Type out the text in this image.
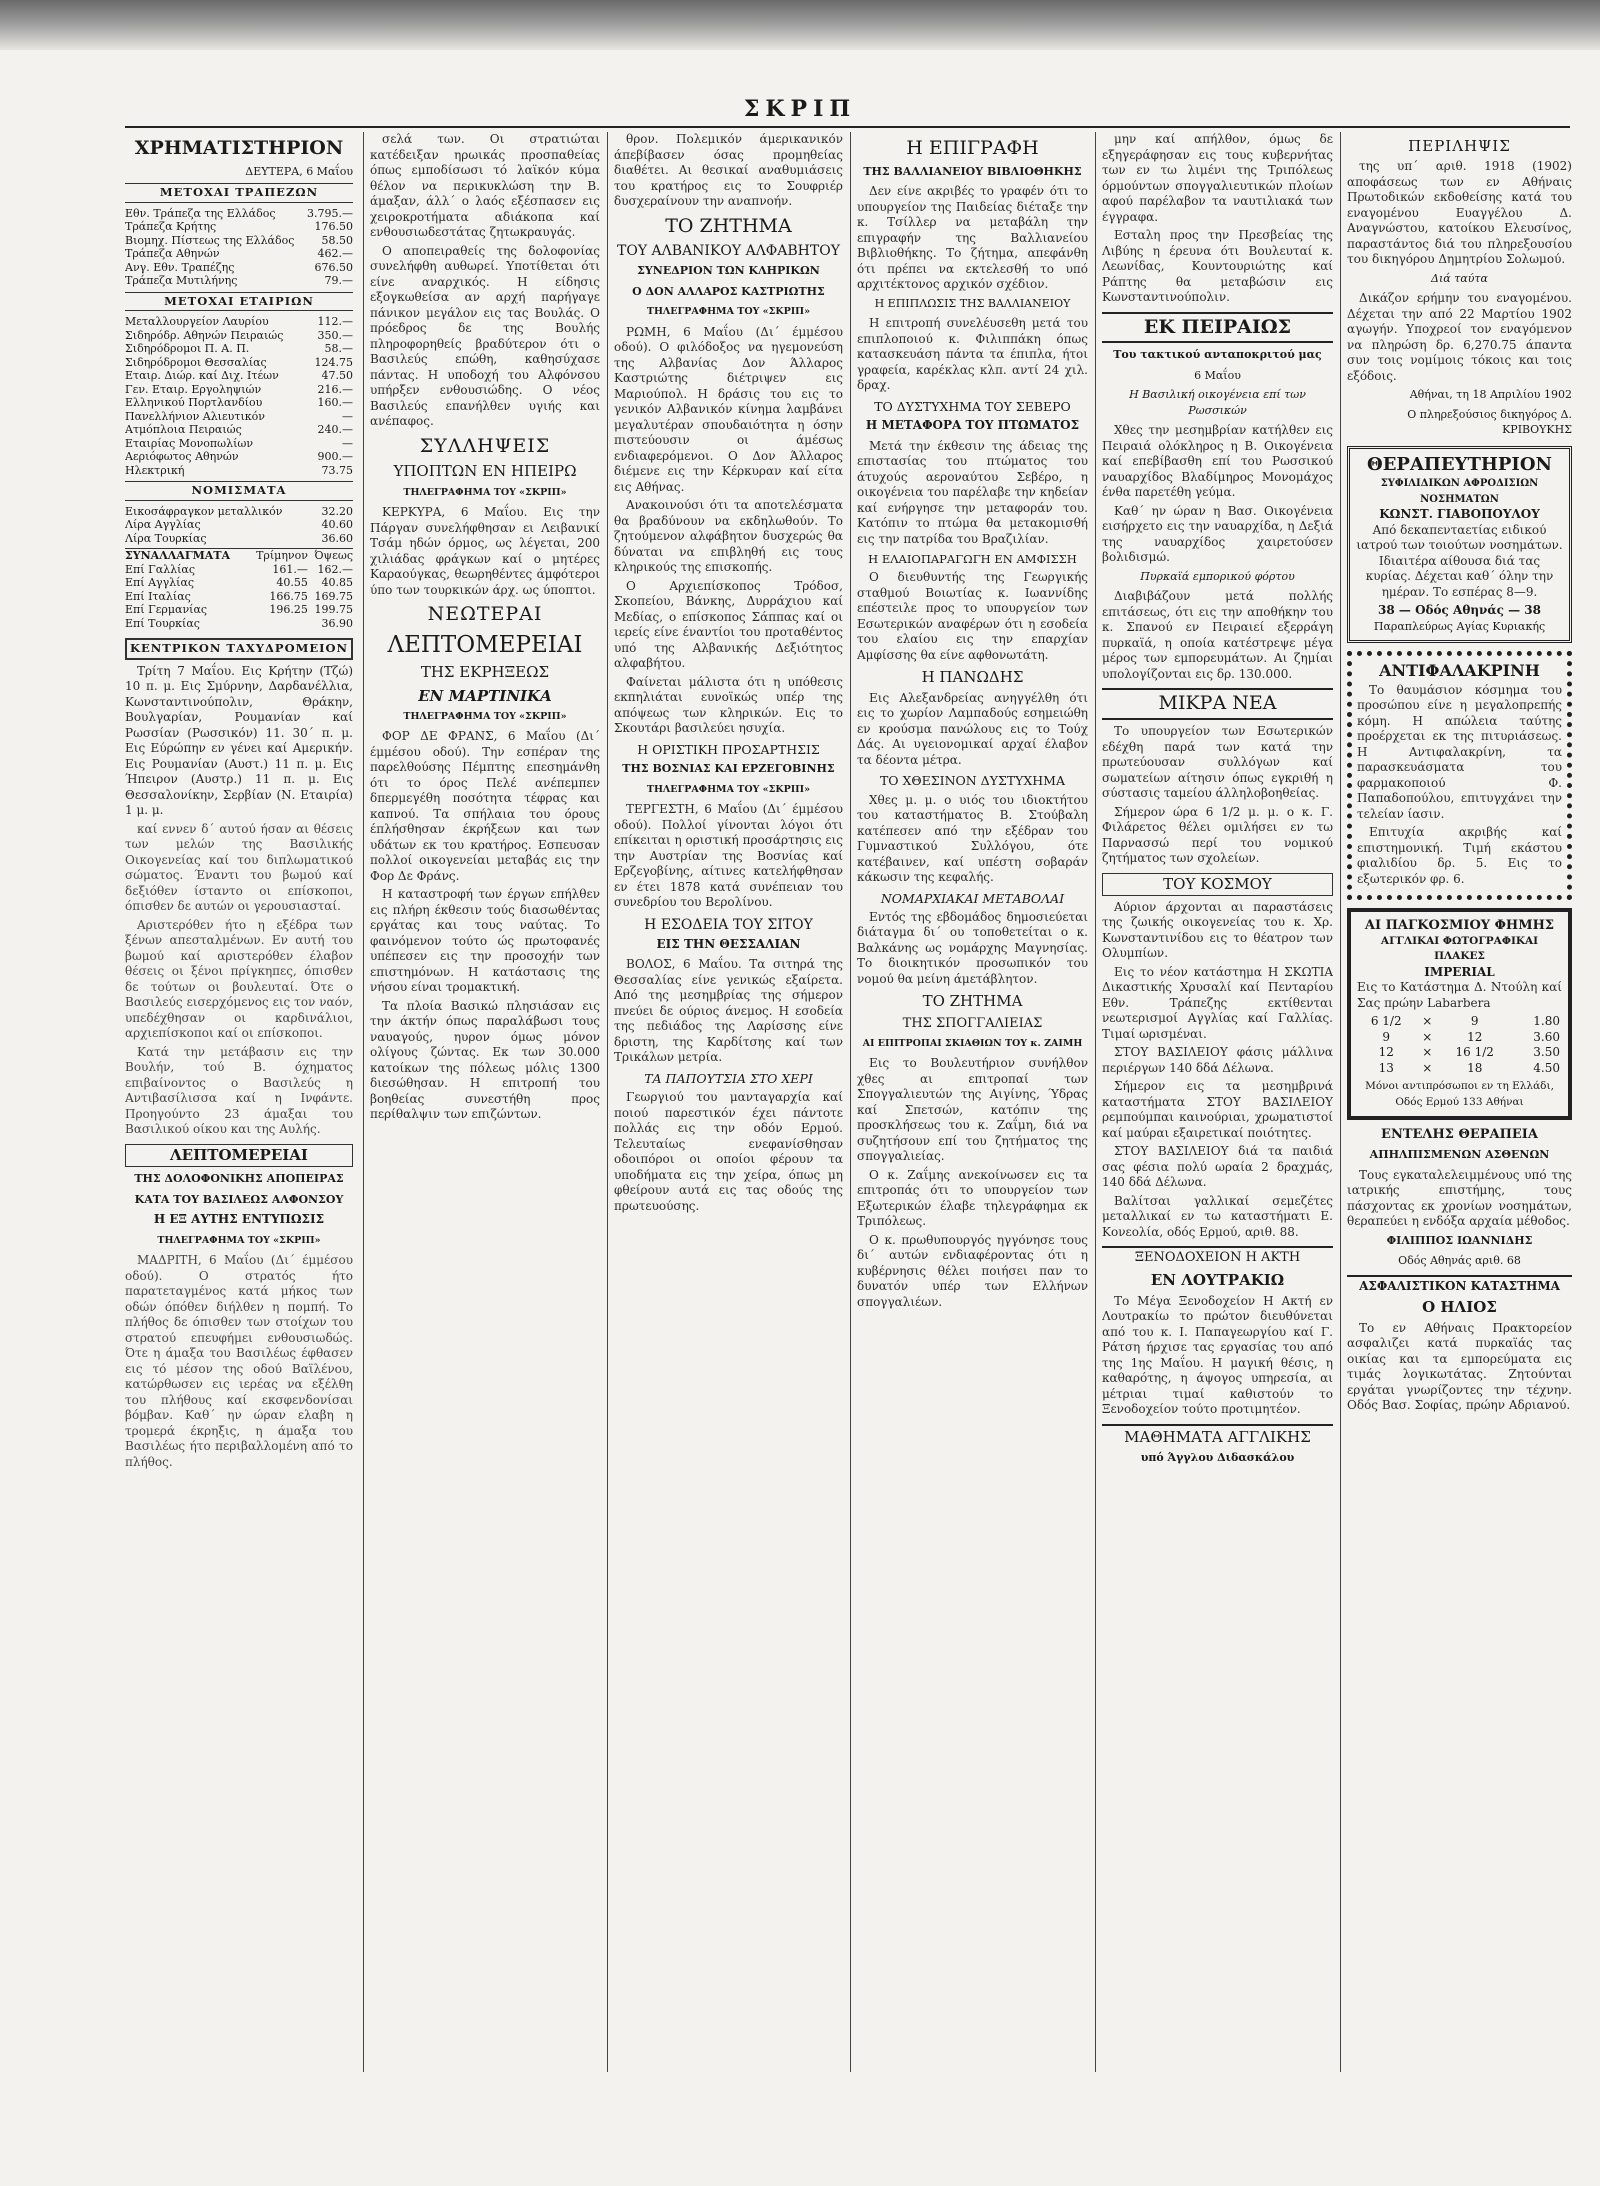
ΣΚΡΙΠ
ΧΡΗΜΑΤΙΣΤΗΡΙΟΝ
ΔΕΥΤΕΡΑ, 6 Μαΐου
ΜΕΤΟΧΑΙ ΤΡΑΠΕΖΩΝ
Εθν. Τράπεζα της Ελλάδος	3.795.—
Τράπεζα Κρήτης	176.50
Βιομηχ. Πίστεως της Ελλάδος	58.50
Τράπεζα Αθηνών	462.—
Ανγ. Εθν. Τραπέζης	676.50
Τράπεζα Μυτιλήνης	79.—
ΜΕΤΟΧΑΙ ΕΤΑΙΡΙΩΝ
Μεταλλουργείον Λαυρίου	112.—
Σιδηρόδρ. Αθηνών Πειραιώς	350.—
Σιδηρόδρομοι Π. Α. Π.	58.—
Σιδηρόδρομοι Θεσσαλίας	124.75
Εταιρ. Διώρ. καί Διχ. Ιτέων	47.50
Γεν. Εταιρ. Εργοληψιών	216.—
Ελληνικού Πορτλανδίου	160.—
Πανελλήνιον Αλιευτικόν	—
Ατμόπλοια Πειραιώς	240.—
Εταιρίας Μονοπωλίων	—
Αεριόφωτος Αθηνών	900.—
Ηλεκτρική	73.75
ΝΟΜΙΣΜΑΤΑ
Εικοσάφραγκον μεταλλικόν	32.20
Λίρα Αγγλίας	40.60
Λίρα Τουρκίας	36.60
ΣΥΝΑΛΛΑΓΜΑΤΑ	Τρίμηνον	Όψεως
Επί Γαλλίας	161.—	162.—
Επί Αγγλίας	40.55	40.85
Επί Ιταλίας	166.75	169.75
Επί Γερμανίας	196.25	199.75
Επί Τουρκίας		36.90
ΚΕΝΤΡΙΚΟΝ ΤΑΧΥΔΡΟΜΕΙΟΝ

Τρίτη 7 Μαΐου. Εις Κρήτην (Τζώ) 10 π. μ. Εις Σμύρνην, Δαρδανέλλια, Κωνσταντινούπολιν, Θράκην, Βουλγαρίαν, Ρουμανίαν καί Ρωσσίαν (Ρωσσικόν) 11. 30΄ π. μ. Εις Εύρώπην εν γένει καί Αμερικήν. Εις Ρουμανίαν (Αυστ.) 11 π. μ. Εις Ήπειρον (Αυστρ.) 11 π. μ. Εις Θεσσαλονίκην, Σερβίαν (Ν. Εταιρία) 1 μ. μ.

καί εννεν δ΄ αυτού ήσαν αι θέσεις των μελών της Βασιλικής Οικογενείας καί του διπλωματικού σώματος. Έναντι του βωμού καί δεξιόθεν ίσταντο οι επίσκοποι, όπισθεν δε αυτών οι γερουσιασταί.

Αριστερόθεν ήτο η εξέδρα των ξένων απεσταλμένων. Εν αυτή του βωμού καί αριστερόθεν έλαβον θέσεις οι ξένοι πρίγκηπες, όπισθεν δε τούτων οι βουλευταί. Ότε ο Βασιλεύς εισερχόμενος εις τον ναόν, υπεδέχθησαν οι καρδινάλιοι, αρχιεπίσκοποι καί οι επίσκοποι.

Κατά την μετάβασιν εις την Βουλήν, τού Β. όχηματος επιβαίνοντος ο Βασιλεύς η Αντιβασίλισσα καί η Ινφάντε. Προηγούντο 23 άμαξαι του Βασιλικού οίκου και της Αυλής.

ΛΕΠΤΟΜΕΡΕΙΑΙ
ΤΗΣ ΔΟΛΟΦΟΝΙΚΗΣ ΑΠΟΠΕΙΡΑΣ
ΚΑΤΑ ΤΟΥ ΒΑΣΙΛΕΩΣ ΑΛΦΟΝΣΟΥ
Η ΕΞ ΑΥΤΗΣ ΕΝΤΥΠΩΣΙΣ
ΤΗΛΕΓΡΑΦΗΜΑ ΤΟΥ «ΣΚΡΙΠ»

ΜΑΔΡΙΤΗ, 6 Μαΐου (Δι΄ έμμέσου οδού). Ο στρατός ήτο παρατεταγμένος κατά μήκος των οδών όπόθεν διήλθεν η πομπή. Το πλήθος δε όπισθεν των στοίχων του στρατού επευφήμει ενθουσιωδώς. Ότε η άμαξα του Βασιλέως έφθασεν εις τό μέσον της οδού Βαϊλένου, κατώρθωσεν εις ιερέας να εξέλθη του πλήθους καί εκσφενδονίσαι βόμβαν. Καθ΄ ην ώραν ελαβη η τρομερά έκρηξις, η άμαξα του Βασιλέως ήτο περιβαλλομένη από το πλήθος.

σελά των. Οι στρατιώται κατέδειξαν ηρωικάς προσπαθείας όπως εμποδίσωσι τό λαϊκόν κύμα θέλον να περικυκλώση την Β. άμαξαν, άλλ΄ ο λαός εξέσπασεν εις χειροκροτήματα αδιάκοπα καί ενθουσιωδεστάτας ζητωκραυγάς.

Ο αποπειραθείς της δολοφονίας συνελήφθη αυθωρεί. Υποτίθεται ότι είνε αναρχικός. Η είδησις εξογκωθείσα αν αρχή παρήγαγε πάνικον μεγάλον εις τας Βουλάς. Ο πρόεδρος δε της Βουλής πληροφορηθείς βραδύτερον ότι ο Βασιλεύς επώθη, καθησύχασε πάντας. Η υποδοχή του Αλφόνσου υπήρξεν ενθουσιώδης. Ο νέος Βασιλεύς επανήλθεν υγιής και ανέπαφος.

ΣΥΛΛΗΨΕΙΣ
ΥΠΟΠΤΩΝ ΕΝ ΗΠΕΙΡΩ
ΤΗΛΕΓΡΑΦΗΜΑ ΤΟΥ «ΣΚΡΙΠ»

ΚΕΡΚΥΡΑ, 6 Μαΐου. Εις την Πάργαν συνελήφθησαν ει Λειβανικί Τσάμ ηδών όρμος, ως λέγεται, 200 χιλιάδας φράγκων καί ο μητέρες Καραούγκας, θεωρηθέντες άμφότεροι ύπο των τουρκικών άρχ. ως ύποπτοι.

ΝΕΩΤΕΡΑΙ
ΛΕΠΤΟΜΕΡΕΙΑΙ
ΤΗΣ ΕΚΡΗΞΕΩΣ
ΕΝ ΜΑΡΤΙΝΙΚΑ
ΤΗΛΕΓΡΑΦΗΜΑ ΤΟΥ «ΣΚΡΙΠ»

ΦΟΡ ΔΕ ΦΡΑΝΣ, 6 Μαΐου (Δι΄ έμμέσου οδού). Την εσπέραν της παρελθούσης Πέμπτης επεσημάνθη ότι το όρος Πελέ ανέπεμπεν δπερμεγέθη ποσότητα τέφρας και καπνού. Τα σπήλαια του όρους έπλήσθησαν έκρήξεων και των υδάτων εκ του κρατήρος. Εσπευσαν πολλοί οικογενείαι μεταβάς εις την Φορ Δε Φράνς.

Η καταστροφή των έργων επήλθεν εις πλήρη έκθεσιν τούς διασωθέντας εργάτας και τους ναύτας. Το φαινόμενον τούτο ώς πρωτοφανές υπέπεσεν εις την προσοχήν των επιστημόνων. Η κατάστασις της νήσου είναι τρομακτική.

Τα πλοία Βασικώ πλησιάσαν εις την άκτήν όπως παραλάβωσι τους ναυαγούς, ηυρον όμως μόνον ολίγους ζώντας. Εκ των 30.000 κατοίκων της πόλεως μόλις 1300 διεσώθησαν. Η επιτροπή του βοηθείας συνεστήθη προς περίθαλψιν των επιζώντων.

θρον. Πολεμικόν άμερικανικόν άπεβίβασεν όσας προμηθείας διαθέτει. Αι θεσικαί αναθυμιάσεις του κρατήρος εις το Σουφριέρ δυσχεραίνουν την αναπνοήν.

ΤΟ ΖΗΤΗΜΑ
ΤΟΥ ΑΛΒΑΝΙΚΟΥ ΑΛΦΑΒΗΤΟΥ
ΣΥΝΕΔΡΙΟΝ ΤΩΝ ΚΛΗΡΙΚΩΝ
Ο ΔΟΝ ΑΛΛΑΡΟΣ ΚΑΣΤΡΙΩΤΗΣ
ΤΗΛΕΓΡΑΦΗΜΑ ΤΟΥ «ΣΚΡΙΠ»

ΡΩΜΗ, 6 Μαΐου (Δι΄ έμμέσου οδού). Ο φιλόδοξος να ηγεμονεύση της Αλβανίας Δον Άλλαρος Καστριώτης διέτριψεν εις Μαριούπολ. Η δράσις του εις το γενικόν Αλβανικόν κίνημα λαμβάνει μεγαλυτέραν σπουδαιότητα η όσην πιστεύουσιν οι άμέσως ενδιαφερόμενοι. Ο Δον Άλλαρος διέμενε εις την Κέρκυραν καί είτα εις Αθήνας.

Ανακοινούσι ότι τα αποτελέσματα θα βραδύνουν να εκδηλωθούν. Το ζητούμενον αλφάβητον δυσχερώς θα δύναται να επιβληθή εις τους κληρικούς της επισκοπής.

Ο Αρχιεπίσκοπος Τρόδοσ, Σκοπείου, Βάνκης, Δυρράχιου καί Μεδίας, ο επίσκοπος Σάππας καί οι ιερείς είνε έναντίοι του προταθέντος υπό της Αλβανικής Δεξιότητος αλφαβήτου.

Φαίνεται μάλιστα ότι η υπόθεσις εκπηλιάται ευνοϊκώς υπέρ της απόψεως των κληρικών. Εις το Σκουτάρι βασιλεύει ησυχία.

Η ΟΡΙΣΤΙΚΗ ΠΡΟΣΑΡΤΗΣΙΣ
ΤΗΣ ΒΟΣΝΙΑΣ ΚΑΙ ΕΡΖΕΓΟΒΙΝΗΣ
ΤΗΛΕΓΡΑΦΗΜΑ ΤΟΥ «ΣΚΡΙΠ»

ΤΕΡΓΕΣΤΗ, 6 Μαΐου (Δι΄ έμμέσου οδού). Πολλοί γίνονται λόγοι ότι επίκειται η οριστική προσάρτησις εις την Αυστρίαν της Βοσνίας καί Ερζεγοβίνης, αίτινες κατελήφθησαν εν έτει 1878 κατά συνέπειαν του συνεδρίου του Βερολίνου.

Η ΕΣΟΔΕΙΑ ΤΟΥ ΣΙΤΟΥ
ΕΙΣ ΤΗΝ ΘΕΣΣΑΛΙΑΝ

ΒΟΛΟΣ, 6 Μαΐου. Τα σιτηρά της Θεσσαλίας είνε γενικώς εξαίρετα. Από της μεσημβρίας της σήμερον πνεύει δε ούριος άνεμος. Η εσοδεία της πεδιάδος της Λαρίσσης είνε δριστη, της Καρδίτσης καί των Τρικάλων μετρία.

ΤΑ ΠΑΠΟΥΤΣΙΑ ΣΤΟ ΧΕΡΙ

Γεωργιού του μανταγαρχία καί ποιού παρεστικόν έχει πάντοτε πολλάς εις την οδόν Ερμού. Τελευταίως ενεφανίσθησαν οδοιπόροι οι οποίοι φέρουν τα υποδήματα εις την χείρα, όπως μη φθείρουν αυτά εις τας οδούς της πρωτευούσης.

Η ΕΠΙΓΡΑΦΗ
ΤΗΣ ΒΑΛΛΙΑΝΕΙΟΥ ΒΙΒΛΙΟΘΗΚΗΣ

Δεν είνε ακριβές το γραφέν ότι το υπουργείον της Παιδείας διέταξε την κ. Τσίλλερ να μεταβάλη την επιγραφήν της Βαλλιανείου Βιβλιοθήκης. Το ζήτημα, απεφάνθη ότι πρέπει να εκτελεσθή το υπό αρχιτέκτονος αρχικόν σχέδιον.

Η ΕΠΙΠΛΩΣΙΣ ΤΗΣ ΒΑΛΛΙΑΝΕΙΟΥ

Η επιτροπή συνελέυσεθη μετά του επιπλοποιού κ. Φιλιππάκη όπως κατασκευάση πάντα τα έπιπλα, ήτοι γραφεία, καρέκλας κλπ. αντί 24 χιλ. δραχ.

ΤΟ ΔΥΣΤΥΧΗΜΑ ΤΟΥ ΣΕΒΕΡΟ
Η ΜΕΤΑΦΟΡΑ ΤΟΥ ΠΤΩΜΑΤΟΣ

Μετά την έκθεσιν της άδειας της επιστασίας του πτώματος του άτυχούς αεροναύτου Σεβέρο, η οικογένεια του παρέλαβε την κηδείαν καί ενήργησε την μεταφοράν του. Κατόπιν το πτώμα θα μετακομισθή εις την πατρίδα του Βραζιλίαν.

Η ΕΛΑΙΟΠΑΡΑΓΩΓΗ ΕΝ ΑΜΦΙΣΣΗ

Ο διευθυντής της Γεωργικής σταθμού Βοιωτίας κ. Ιωαννίδης επέστειλε προς το υπουργείον των Εσωτερικών αναφέρων ότι η εσοδεία του ελαίου εις την επαρχίαν Αμφίσσης θα είνε αφθονωτάτη.

Η ΠΑΝΩΔΗΣ

Εις Αλεξανδρείας ανηγγέλθη ότι εις το χωρίον Λαμπαδούς εσημειώθη εν κρούσμα πανώλους εις το Τούχ Δάς. Αι υγειονομικαί αρχαί έλαβον τα δέοντα μέτρα.

ΤΟ ΧΘΕΣΙΝΟΝ ΔΥΣΤΥΧΗΜΑ

Χθες μ. μ. ο υιός του ιδιοκτήτου του καταστήματος Β. Στούβαλη κατέπεσεν από την εξέδραν του Γυμναστικού Συλλόγου, ότε κατέβαινεν, καί υπέστη σοβαράν κάκωσιν της κεφαλής.

ΝΟΜΑΡΧΙΑΚΑΙ ΜΕΤΑΒΟΛΑΙ

Εντός της εβδομάδος δημοσιεύεται διάταγμα δι΄ ου τοποθετείται ο κ. Βαλκάνης ως νομάρχης Μαγνησίας. Το διοικητικόν προσωπικόν του νομού θα μείνη άμετάβλητον.

ΤΟ ΖΗΤΗΜΑ
ΤΗΣ ΣΠΟΓΓΑΛΙΕΙΑΣ
ΑΙ ΕΠΙΤΡΟΠΑΙ ΣΚΙΑΘΙΩΝ ΤΟΥ κ. ΖΑΙΜΗ

Εις το Βουλευτήριον συνήλθον χθες αι επιτροπαί των Σπογγαλιευτών της Αιγίνης, Ύδρας καί Σπετσών, κατόπιν της προσκλήσεως του κ. Ζαΐμη, διά να συζητήσουν επί του ζητήματος της σπογγαλιείας.

Ο κ. Ζαΐμης ανεκοίνωσεν εις τα επιτροπάς ότι το υπουργείον των Εξωτερικών έλαβε τηλεγράφημα εκ Τριπόλεως.

Ο κ. πρωθυπουργός ηγγόνησε τους δι΄ αυτών ενδιαφέροντας ότι η κυβέρνησις θέλει ποιήσει παν το δυνατόν υπέρ των Ελλήνων σπογγαλιέων.

μην καί απήλθον, όμως δε εξηγεράφησαν εις τους κυβερνήτας των εν τω λιμένι της Τριπόλεως όρμούντων σπογγαλιευτικών πλοίων αφού παρέλαβον τα ναυτιλιακά των έγγραφα.

Εσταλη προς την Πρεσβείας της Λιβύης η έρευνα ότι Βουλευταί κ. Λεωνίδας, Κουντουριώτης καί Ράπτης θα μεταβώσιν εις Κωνσταντινούπολιν.

ΕΚ ΠΕΙΡΑΙΩΣ
Του τακτικού ανταποκριτού μας
6 Μαΐου
Η Βασιλική οικογένεια επί των Ρωσσικών

Χθες την μεσημβρίαν κατήλθεν εις Πειραιά ολόκληρος η Β. Οικογένεια καί επεβίβασθη επί του Ρωσσικού ναυαρχίδος Βλαδίμηρος Μονομάχος ένθα παρετέθη γεύμα.

Καθ΄ ην ώραν η Βασ. Οικογένεια εισήρχετο εις την ναυαρχίδα, η Δεξιά της ναυαρχίδος χαιρετούσεν βολιδισμώ.

Πυρκαϊά εμπορικού φόρτου

Διαβιβάζουν μετά πολλής επιτάσεως, ότι εις την αποθήκην του κ. Σπανού εν Πειραιεί εξερράγη πυρκαϊά, η οποία κατέστρεψε μέγα μέρος των εμπορευμάτων. Αι ζημίαι υπολογίζονται εις δρ. 130.000.

ΜΙΚΡΑ ΝΕΑ

Το υπουργείον των Εσωτερικών εδέχθη παρά των κατά την πρωτεύουσαν συλλόγων καί σωματείων αίτησιν όπως εγκριθή η σύστασις ταμείου άλληλοβοηθείας.

Σήμερον ώρα 6 1/2 μ. μ. ο κ. Γ. Φιλάρετος θέλει ομιλήσει εν τω Παρνασσώ περί του νομικού ζητήματος των σχολείων.

ΤΟΥ ΚΟΣΜΟΥ

Αύριον άρχονται αι παραστάσεις της ζωικής οικογενείας του κ. Χρ. Κωνσταντινίδου εις το θέατρον των Ολυμπίων.

Εις το νέον κατάστημα Η ΣΚΩΤΙΑ Δικαστικής Χρυσαλί καί Πενταρίου Εθν. Τράπεζης εκτίθενται νεωτερισμοί Αγγλίας καί Γαλλίας. Τιμαί ωρισμέναι.

ΣΤΟΥ ΒΑΣΙΛΕΙΟΥ φάσις μάλλινα περιέργων 140 δδά Δέλωνα.

Σήμερον εις τα μεσημβρινά καταστήματα ΣΤΟΥ ΒΑΣΙΛΕΙΟΥ ρεμπούμπαι καινούριαι, χρωματιστοί καί μαύραι εξαιρετικαί ποιότητες.

ΣΤΟΥ ΒΑΣΙΛΕΙΟΥ διά τα παιδιά σας φέσια πολύ ωραία 2 δραχμάς, 140 δδά Δέλωνα.

Βαλίτσαι γαλλικαί σεμεζέτες μεταλλικαί εν τω καταστήματι Ε. Κονεολία, οδός Ερμού, αριθ. 88.

ΞΕΝΟΔΟΧΕΙΟΝ Η ΑΚΤΗ
ΕΝ ΛΟΥΤΡΑΚΙΩ

Το Μέγα Ξενοδοχείον Η Ακτή εν Λουτρακίω το πρώτον διευθύνεται από του κ. Ι. Παπαγεωργίου καί Γ. Ράτση ήρχισε τας εργασίας του από της 1ης Μαΐου. Η μαγική θέσις, η καθαρότης, η άψογος υπηρεσία, αι μέτριαι τιμαί καθιστούν το Ξενοδοχείον τούτο προτιμητέον.

ΜΑΘΗΜΑΤΑ ΑΓΓΛΙΚΗΣ
υπό Άγγλου Διδασκάλου
ΠΕΡΙΛΗΨΙΣ

της υπ΄ αριθ. 1918 (1902) αποφάσεως των εν Αθήναις Πρωτοδικών εκδοθείσης κατά του εναγομένου Ευαγγέλου Δ. Αναγνώστου, κατοίκου Ελευσίνος, παραστάντος διά του πληρεξουσίου του δικηγόρου Δημητρίου Σολωμού.

Διά ταύτα

Δικάζον ερήμην του εναγομένου. Δέχεται την από 22 Μαρτίου 1902 αγωγήν. Υποχρεοί τον εναγόμενον να πληρώση δρ. 6,270.75 άπαντα συν τοις νομίμοις τόκοις και τοις εξόδοις.

Αθήναι, τη 18 Απριλίου 1902
Ο πληρεξούσιος δικηγόρος Δ. ΚΡΙΒΟΥΚΗΣ
ΘΕΡΑΠΕΥΤΗΡΙΟΝ
ΣΥΦΙΛΙΔΙΚΩΝ ΑΦΡΟΔΙΣΙΩΝ ΝΟΣΗΜΑΤΩΝ
ΚΩΝΣΤ. ΓΙΑΒΟΠΟΥΛΟΥ

Από δεκαπενταετίας ειδικού ιατρού των τοιούτων νοσημάτων. Ιδιαιτέρα αίθουσα διά τας κυρίας. Δέχεται καθ΄ όλην την ημέραν. Το εσπέρας 8—9.

38 — Οδός Αθηνάς — 38
Παραπλεύρως Αγίας Κυριακής
ΑΝΤΙΦΑΛΑΚΡΙΝΗ

Το θαυμάσιον κόσμημα του προσώπου είνε η μεγαλοπρεπής κόμη. Η απώλεια ταύτης προέρχεται εκ της πιτυριάσεως. Η Αντιφαλακρίνη, τα παρασκευάσματα του φαρμακοποιού Φ. Παπαδοπούλου, επιτυγχάνει την τελείαν ίασιν.

Επιτυχία ακριβής καί επιστημονική. Τιμή εκάστου φιαλιδίου δρ. 5. Εις το εξωτερικόν φρ. 6.

ΑΙ ΠΑΓΚΟΣΜΙΟΥ ΦΗΜΗΣ
ΑΓΓΛΙΚΑΙ ΦΩΤΟΓΡΑΦΙΚΑΙ ΠΛΑΚΕΣ
IMPERIAL

Εις το Κατάστημα Δ. Ντούλη καί Σας πρώην Labarbera

6 1/2	×	9	1.80
9	×	12	3.60
12	×	16 1/2	3.50
13	×	18	4.50
Μόνοι αντιπρόσωποι εν τη Ελλάδι, Οδός Ερμού 133 Αθήναι
ΕΝΤΕΛΗΣ ΘΕΡΑΠΕΙΑ
ΑΠΗΛΠΙΣΜΕΝΩΝ ΑΣΘΕΝΩΝ

Τους εγκαταλελειμμένους υπό της ιατρικής επιστήμης, τους πάσχοντας εκ χρονίων νοσημάτων, θεραπεύει η ενδόξα αρχαία μέθοδος.

ΦΙΛΙΠΠΟΣ ΙΩΑΝΝΙΔΗΣ
Οδός Αθηνάς αριθ. 68
ΑΣΦΑΛΙΣΤΙΚΟΝ ΚΑΤΑΣΤΗΜΑ
Ο ΗΛΙΟΣ

Το εν Αθήναις Πρακτορείον ασφαλιζει κατά πυρκαϊάς τας οικίας και τα εμπορεύματα εις τιμάς λογικωτάτας. Ζητούνται εργάται γνωρίζοντες την τέχνην. Οδός Βασ. Σοφίας, πρώην Αδριανού.
